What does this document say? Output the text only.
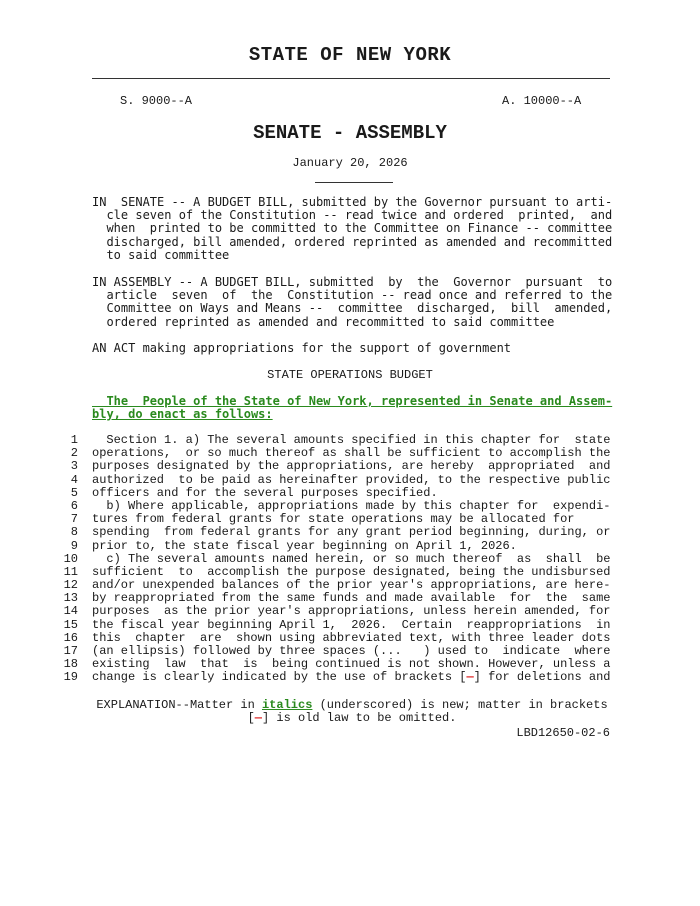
STATE OF NEW YORK
S. 9000--A	A. 10000--A
SENATE - ASSEMBLY
January 20, 2026
IN  SENATE -- A BUDGET BILL, submitted by the Governor pursuant to arti-
cle seven of the Constitution -- read twice and ordered  printed,  and
when  printed to be committed to the Committee on Finance -- committee
discharged, bill amended, ordered reprinted as amended and recommitted
to said committee
IN ASSEMBLY -- A BUDGET BILL, submitted  by  the  Governor  pursuant  to
article  seven  of  the  Constitution -- read once and referred to the
Committee on Ways and Means --  committee  discharged,  bill  amended,
ordered reprinted as amended and recommitted to said committee
AN ACT making appropriations for the support of government
STATE OPERATIONS BUDGET
The  People of the State of New York, represented in Senate and Assem-
bly, do enact as follows:
1 Section 1. a) The several amounts specified in this chapter for  state
2 operations,  or so much thereof as shall be sufficient to accomplish the
3 purposes designated by the appropriations, are hereby  appropriated  and
4 authorized  to be paid as hereinafter provided, to the respective public
5 officers and for the several purposes specified.
6 b) Where applicable, appropriations made by this chapter for  expendi-
7 tures from federal grants for state operations may be allocated for
8 spending  from federal grants for any grant period beginning, during, or
9 prior to, the state fiscal year beginning on April 1, 2026.
10 c) The several amounts named herein, or so much thereof  as  shall  be
11 sufficient  to  accomplish the purpose designated, being the undisbursed
12 and/or unexpended balances of the prior year's appropriations, are here-
13 by reappropriated from the same funds and made available  for  the  same
14 purposes  as the prior year's appropriations, unless herein amended, for
15 the fiscal year beginning April 1,  2026.  Certain  reappropriations  in
16 this  chapter  are  shown using abbreviated text, with three leader dots
17 (an ellipsis) followed by three spaces (...   ) used to  indicate  where
18 existing  law  that  is  being continued is not shown. However, unless a
19 change is clearly indicated by the use of brackets [—] for deletions and

EXPLANATION--Matter in italics (underscored) is new; matter in brackets
[—] is old law to be omitted.

LBD12650-02-6
